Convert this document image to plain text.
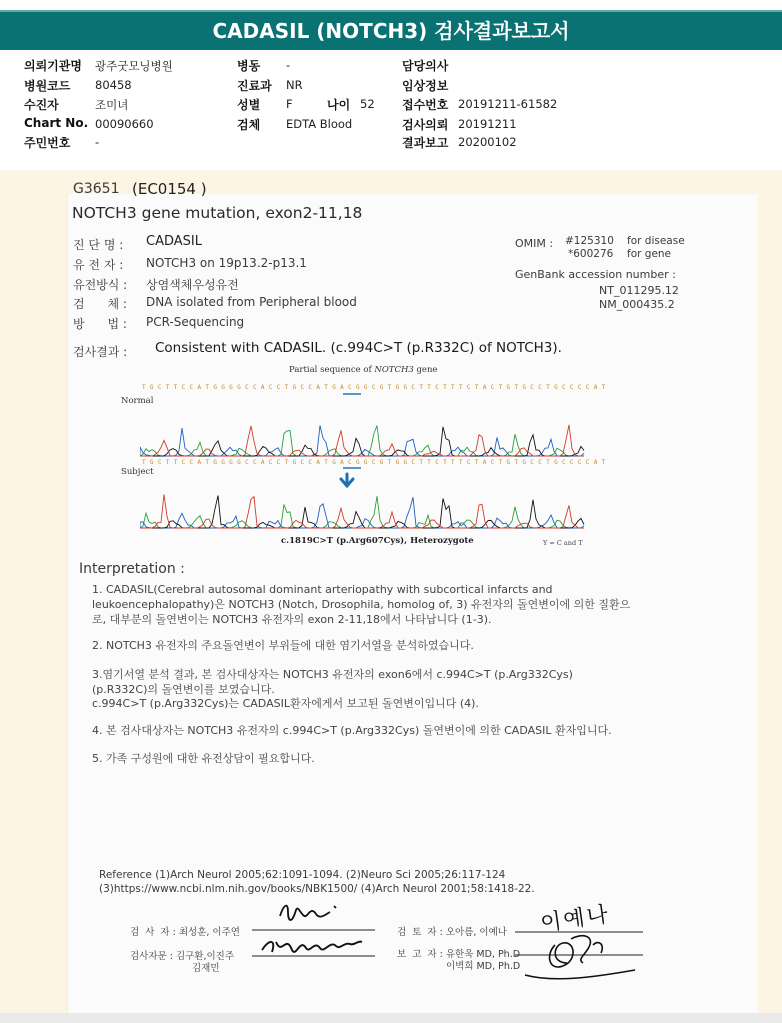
CADASIL (NOTCH3) 검사결과보고서
의뢰기관명 광주굿모닝병원
병원코드 80458
수진자	조미녀
Chart No. 00090660
주민번호 -
병동 -
진료과 NR
성별 F	나이 52
검체 EDTA Blood
담당의사
임상정보
접수번호 20191211-61582
검사의뢰 20191211
결과보고 20200102
G3651 (EC0154 )
NOTCH3 gene mutation, exon2-11,18
진 단 명 : CADASIL
유 전 자 : NOTCH3 on 19p13.2-p13.1
유전방식 : 상염색체우성유전
검      체 : DNA isolated from Peripheral blood
방      법 : PCR-Sequencing
OMIM : #125310 for disease
*600276 for gene
GenBank accession number :
NT_011295.12
NM_000435.2
검사결과 : Consistent with CADASIL. (c.994C>T (p.R332C) of NOTCH3).
Partial sequence of NOTCH3 gene
Normal
Subject
T G C T T C C A T G G G G C C A C C T G C C A T G A C G G C G T G G C T T C T T T C T A C T G T G C C T G C C C C A T
T G C T T C C A T G G G G C C A C C T G C C A T G A C G G C G T G G C T T C T T T C T A C T G T G C C T G C C C C A T
c.1819C>T (p.Arg607Cys), Heterozygote	Y = C and T
Interpretation :
1. CADASIL(Cerebral autosomal dominant arteriopathy with subcortical infarcts and
leukoencephalopathy)은 NOTCH3 (Notch, Drosophila, homolog of, 3) 유전자의 돌연변이에 의한 질환으
로, 대부분의 돌연변이는 NOTCH3 유전자의 exon 2-11,18에서 나타납니다 (1-3).
2. NOTCH3 유전자의 주요돌연변이 부위들에 대한 염기서열을 분석하였습니다.
3.염기서열 분석 결과, 본 검사대상자는 NOTCH3 유전자의 exon6에서 c.994C>T (p.Arg332Cys)
(p.R332C)의 돌연변이를 보였습니다.
c.994C>T (p.Arg332Cys)는 CADASIL환자에게서 보고된 돌연변이입니다 (4).
4. 본 검사대상자는 NOTCH3 유전자의 c.994C>T (p.Arg332Cys) 돌연변이에 의한 CADASIL 환자입니다.
5. 가족 구성원에 대한 유전상담이 필요합니다.
Reference (1)Arch Neurol 2005;62:1091-1094. (2)Neuro Sci 2005;26:117-124
(3)https://www.ncbi.nlm.nih.gov/books/NBK1500/ (4)Arch Neurol 2001;58:1418-22.
검  사  자 : 최성훈, 이주연
검사자문 : 김구환,이진주
김재민
검  토  자 : 오아름, 이예나
보  고  자 : 유한욱 MD, Ph.D
이벽희 MD, Ph.D
이예나
